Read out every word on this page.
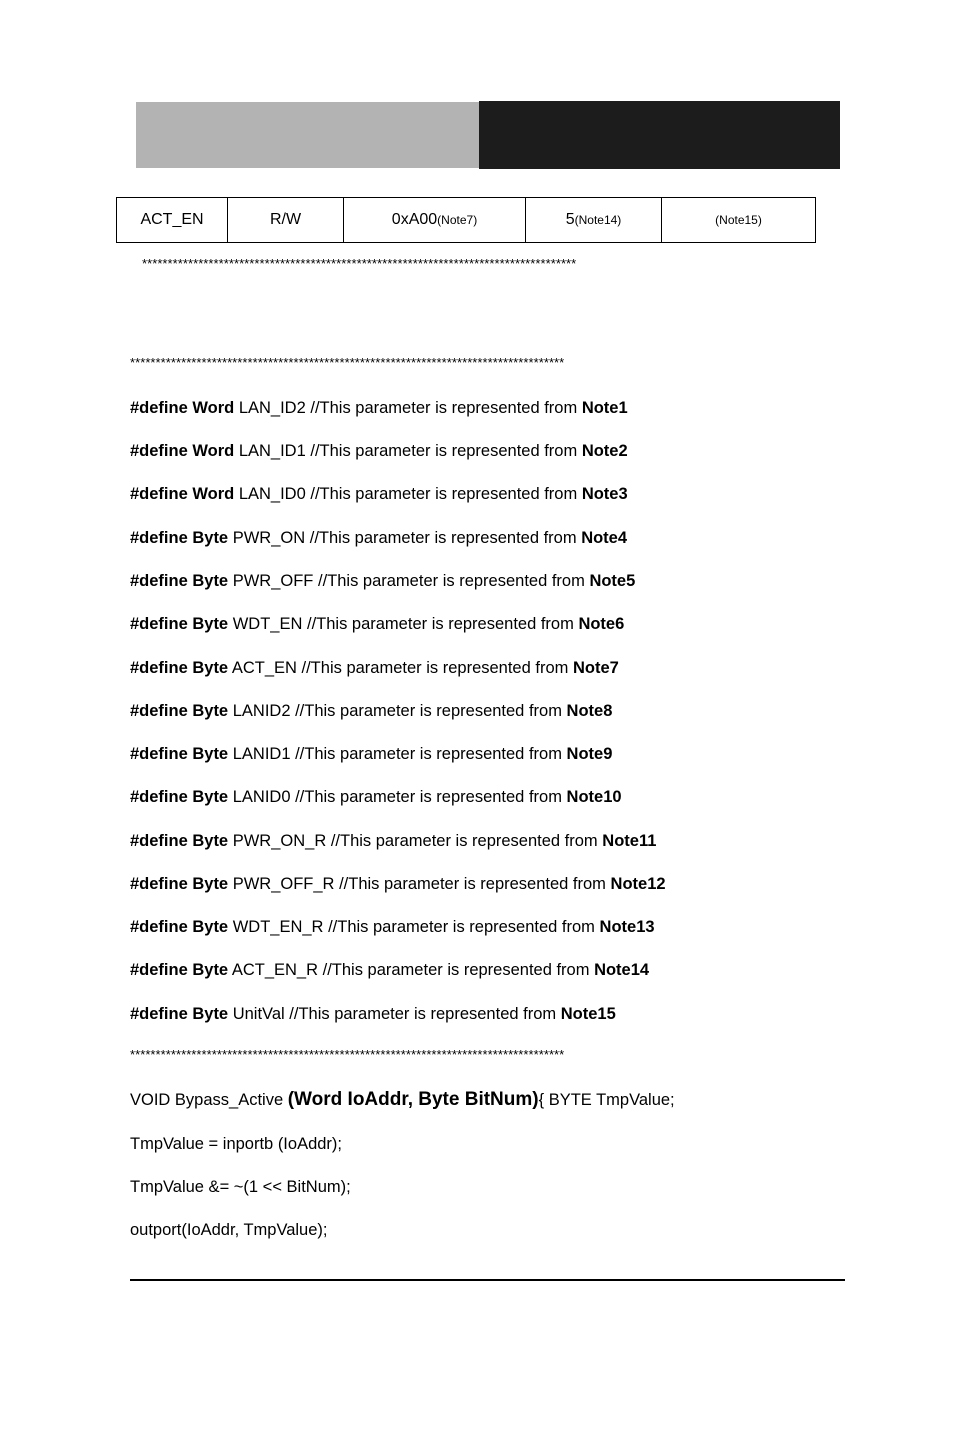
ACT_EN	R/W	0xA00(Note7)	5(Note14)	(Note15)
*************************************************************************************
*************************************************************************************
#define Word LAN_ID2 //This parameter is represented from Note1
#define Word LAN_ID1 //This parameter is represented from Note2
#define Word LAN_ID0 //This parameter is represented from Note3
#define Byte PWR_ON //This parameter is represented from Note4
#define Byte PWR_OFF //This parameter is represented from Note5
#define Byte WDT_EN //This parameter is represented from Note6
#define Byte ACT_EN //This parameter is represented from Note7
#define Byte LANID2 //This parameter is represented from Note8
#define Byte LANID1 //This parameter is represented from Note9
#define Byte LANID0 //This parameter is represented from Note10
#define Byte PWR_ON_R //This parameter is represented from Note11
#define Byte PWR_OFF_R //This parameter is represented from Note12
#define Byte WDT_EN_R //This parameter is represented from Note13
#define Byte ACT_EN_R //This parameter is represented from Note14
#define Byte UnitVal //This parameter is represented from Note15
*************************************************************************************
VOID Bypass_Active (Word IoAddr, Byte BitNum){ BYTE TmpValue;
TmpValue = inportb (IoAddr);
TmpValue &= ~(1 << BitNum);
outport(IoAddr, TmpValue);
